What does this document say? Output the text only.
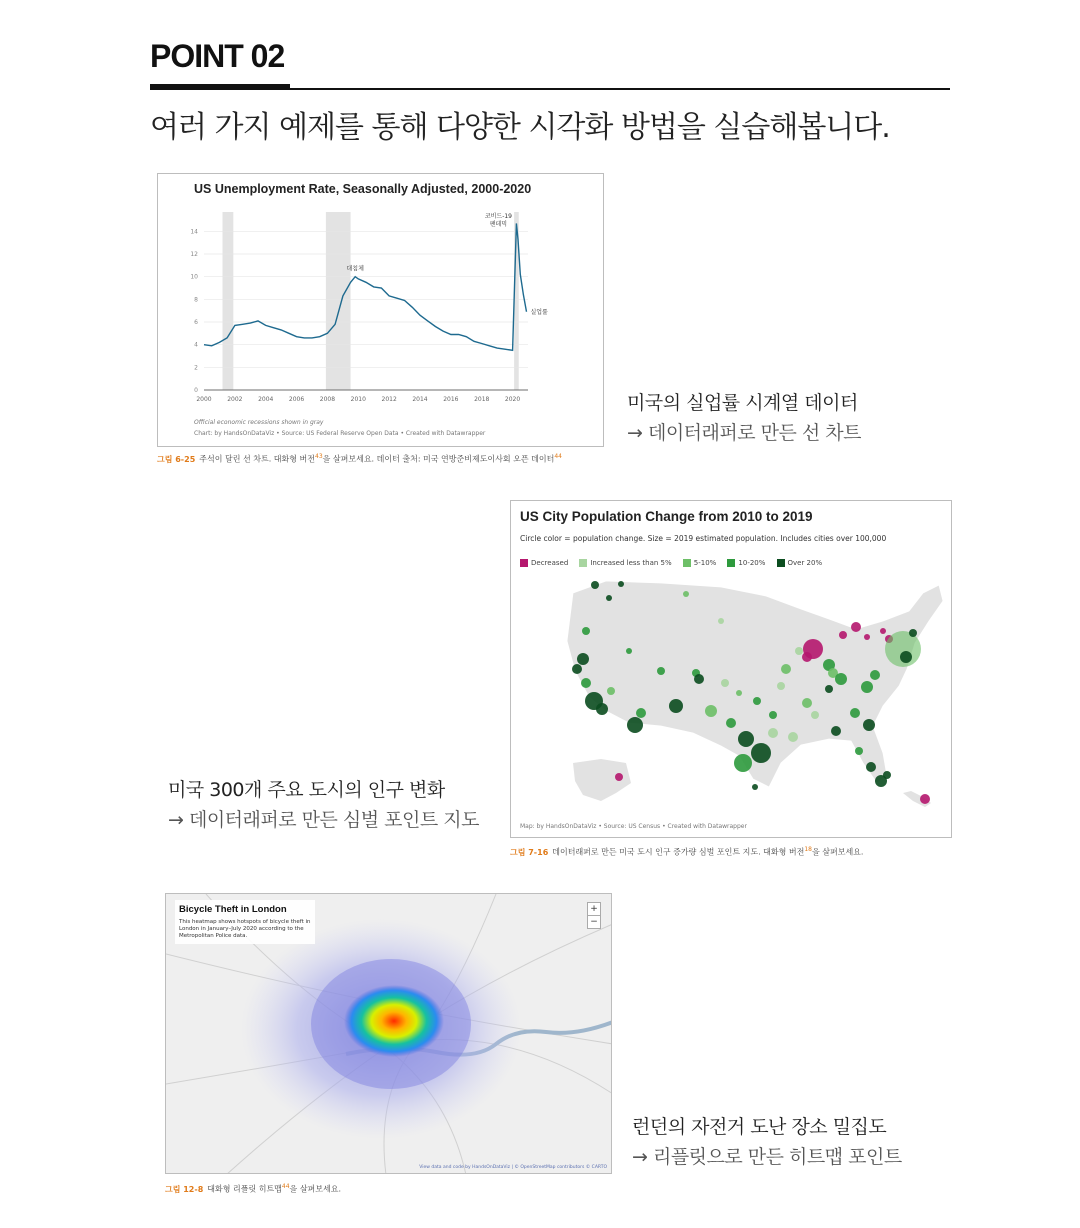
POINT 02
여러 가지 예제를 통해 다양한 시각화 방법을 실습해봅니다.
US Unemployment Rate, Seasonally Adjusted, 2000-2020
0
2
4
6
8
10
12
14
2000	2002	2004	2006	2008	2010	2012	2014	2016	2018	2020
코비드-19
팬데믹
대침체
실업률
Official economic recessions shown in gray
Chart: by HandsOnDataViz • Source: US Federal Reserve Open Data • Created with Datawrapper
그림 6-25 주석이 달린 선 차트. 대화형 버전$^{43}$을 살펴보세요. 데이터 출처: 미국 연방준비제도이사회 오픈 데이터$^{44}$
미국의 실업률 시계열 데이터
→ 데이터래퍼로 만든 선 차트
US City Population Change from 2010 to 2019
Circle color = population change. Size = 2019 estimated population. Includes cities over 100,000
Decreased
	Increased less than 5%
	5-10%
	10-20%
	Over 20%
Map: by HandsOnDataViz • Source: US Census • Created with Datawrapper
그림 7-16 데이터래퍼로 만든 미국 도시 인구 증가량 심벌 포인트 지도. 대화형 버전$^{18}$을 살펴보세요.
미국 300개 주요 도시의 인구 변화
→ 데이터래퍼로 만든 심벌 포인트 지도
Bicycle Theft in London
This heatmap shows hotspots of bicycle theft in London in January–July 2020 according to the Metropolitan Police data.
+
−
View data and code by HandsOnDataViz | © OpenStreetMap contributors © CARTO
그림 12-8 대화형 리플릿 히트맵$^{44}$을 살펴보세요.
런던의 자전거 도난 장소 밀집도
→ 리플릿으로 만든 히트맵 포인트
